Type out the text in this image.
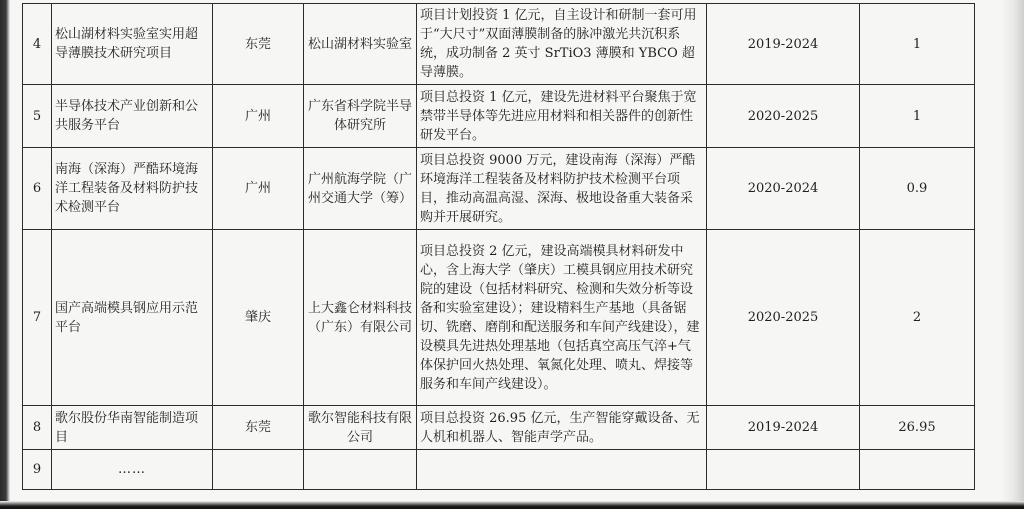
4	松山湖材料实验室实用超导薄膜技术研究项目	东莞	松山湖材料实验室	项目计划投资 1 亿元，自主设计和研制一套可用于“大尺寸”双面薄膜制备的脉冲激光共沉积系统，成功制备 2 英寸 SrTiO3 薄膜和 YBCO 超导薄膜。	2019-2024	1
5	半导体技术产业创新和公共服务平台	广州	广东省科学院半导体研究所	项目总投资 1 亿元，建设先进材料平台聚焦于宽禁带半导体等先进应用材料和相关器件的创新性研发平台。	2020-2025	1
6	南海（深海）严酷环境海洋工程装备及材料防护技术检测平台	广州	广州航海学院（广州交通大学（筹）	项目总投资 9000 万元，建设南海（深海）严酷环境海洋工程装备及材料防护技术检测平台项目，推动高温高湿、深海、极地设备重大装备采购并开展研究。	2020-2024	0.9
7	国产高端模具钢应用示范平台	肇庆	上大鑫仑材料科技（广东）有限公司	项目总投资 2 亿元，建设高端模具材料研发中心，含上海大学（肇庆）工模具钢应用技术研究院的建设（包括材料研究、检测和失效分析等设备和实验室建设）；建设精料生产基地（具备锯切、铣磨、磨削和配送服务和车间产线建设），建设模具先进热处理基地（包括真空高压气淬+气体保护回火热处理、氧氮化处理、喷丸、焊接等服务和车间产线建设）。	2020-2025	2
8	歌尔股份华南智能制造项目	东莞	歌尔智能科技有限公司	项目总投资 26.95 亿元，生产智能穿戴设备、无人机和机器人、智能声学产品。	2019-2024	26.95
9	……					
